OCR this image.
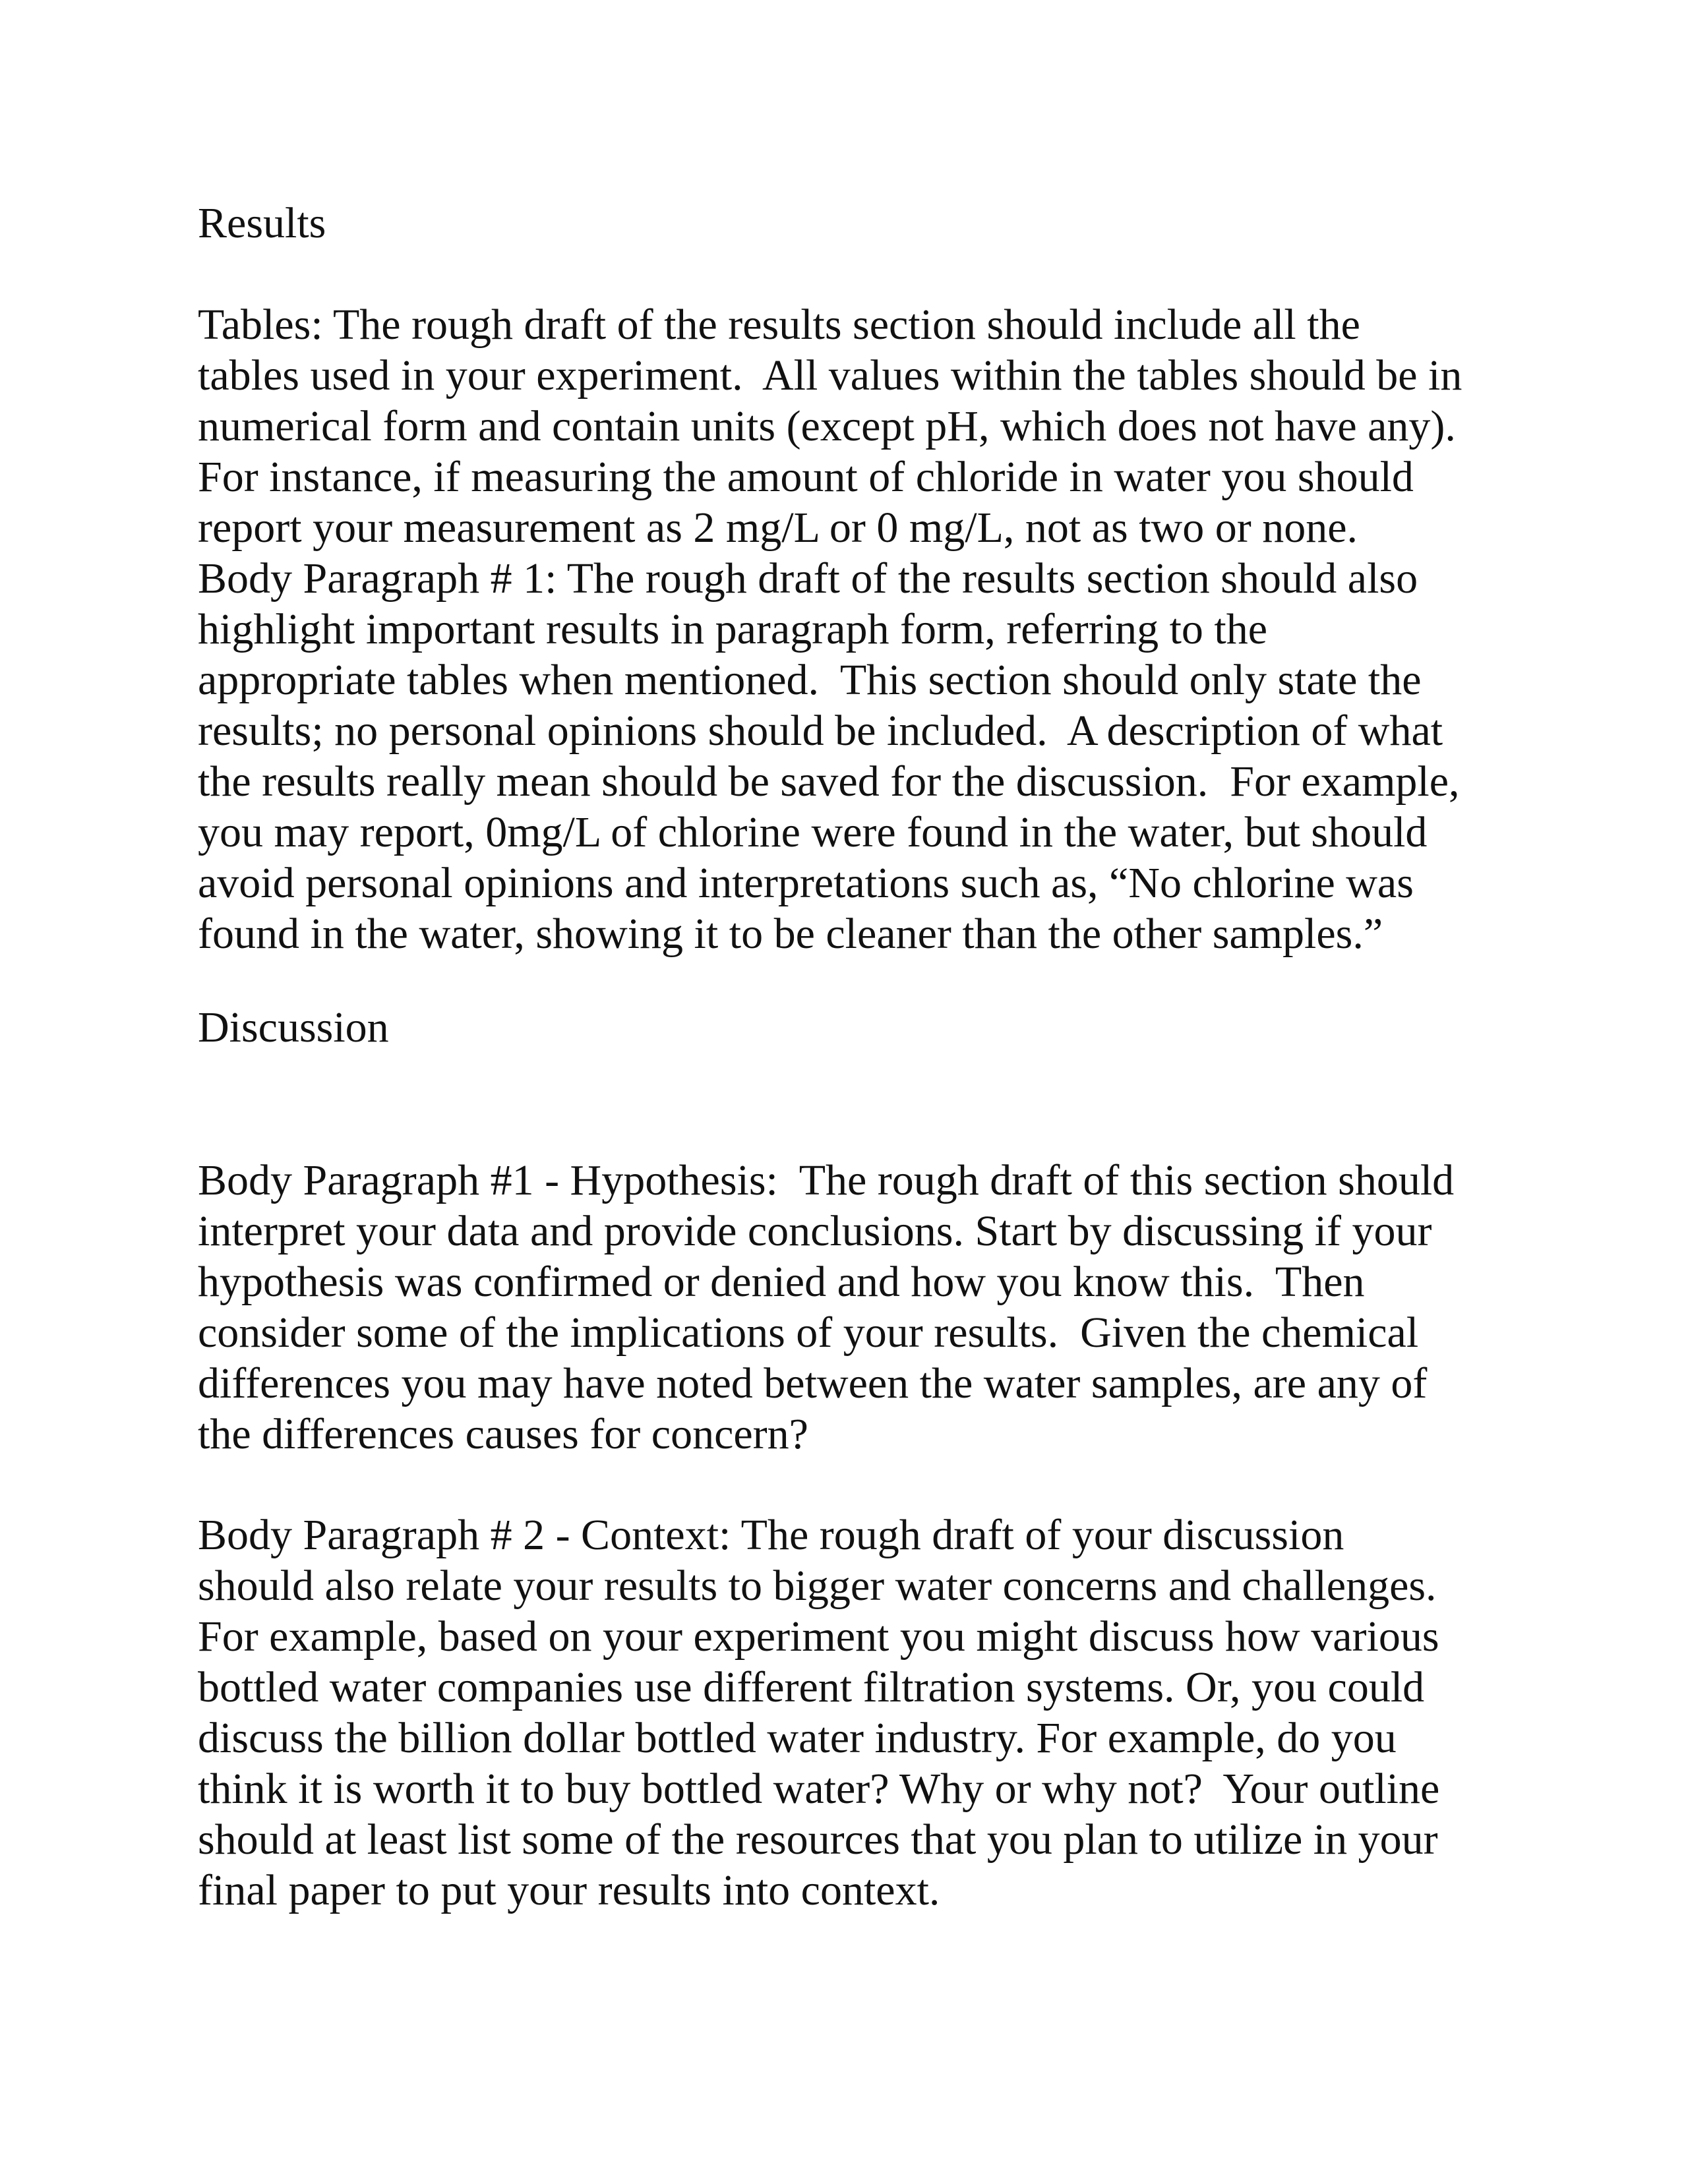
Results

Tables: The rough draft of the results section should include all the
tables used in your experiment.  All values within the tables should be in
numerical form and contain units (except pH, which does not have any).
For instance, if measuring the amount of chloride in water you should
report your measurement as 2 mg/L or 0 mg/L, not as two or none.
Body Paragraph # 1: The rough draft of the results section should also
highlight important results in paragraph form, referring to the
appropriate tables when mentioned.  This section should only state the
results; no personal opinions should be included.  A description of what
the results really mean should be saved for the discussion.  For example,
you may report, 0mg/L of chlorine were found in the water, but should
avoid personal opinions and interpretations such as, “No chlorine was
found in the water, showing it to be cleaner than the other samples.”

Discussion

Body Paragraph #1 - Hypothesis:  The rough draft of this section should
interpret your data and provide conclusions. Start by discussing if your
hypothesis was confirmed or denied and how you know this.  Then
consider some of the implications of your results.  Given the chemical
differences you may have noted between the water samples, are any of
the differences causes for concern?

Body Paragraph # 2 - Context: The rough draft of your discussion
should also relate your results to bigger water concerns and challenges.
For example, based on your experiment you might discuss how various
bottled water companies use different filtration systems. Or, you could
discuss the billion dollar bottled water industry. For example, do you
think it is worth it to buy bottled water? Why or why not?  Your outline
should at least list some of the resources that you plan to utilize in your
final paper to put your results into context.
